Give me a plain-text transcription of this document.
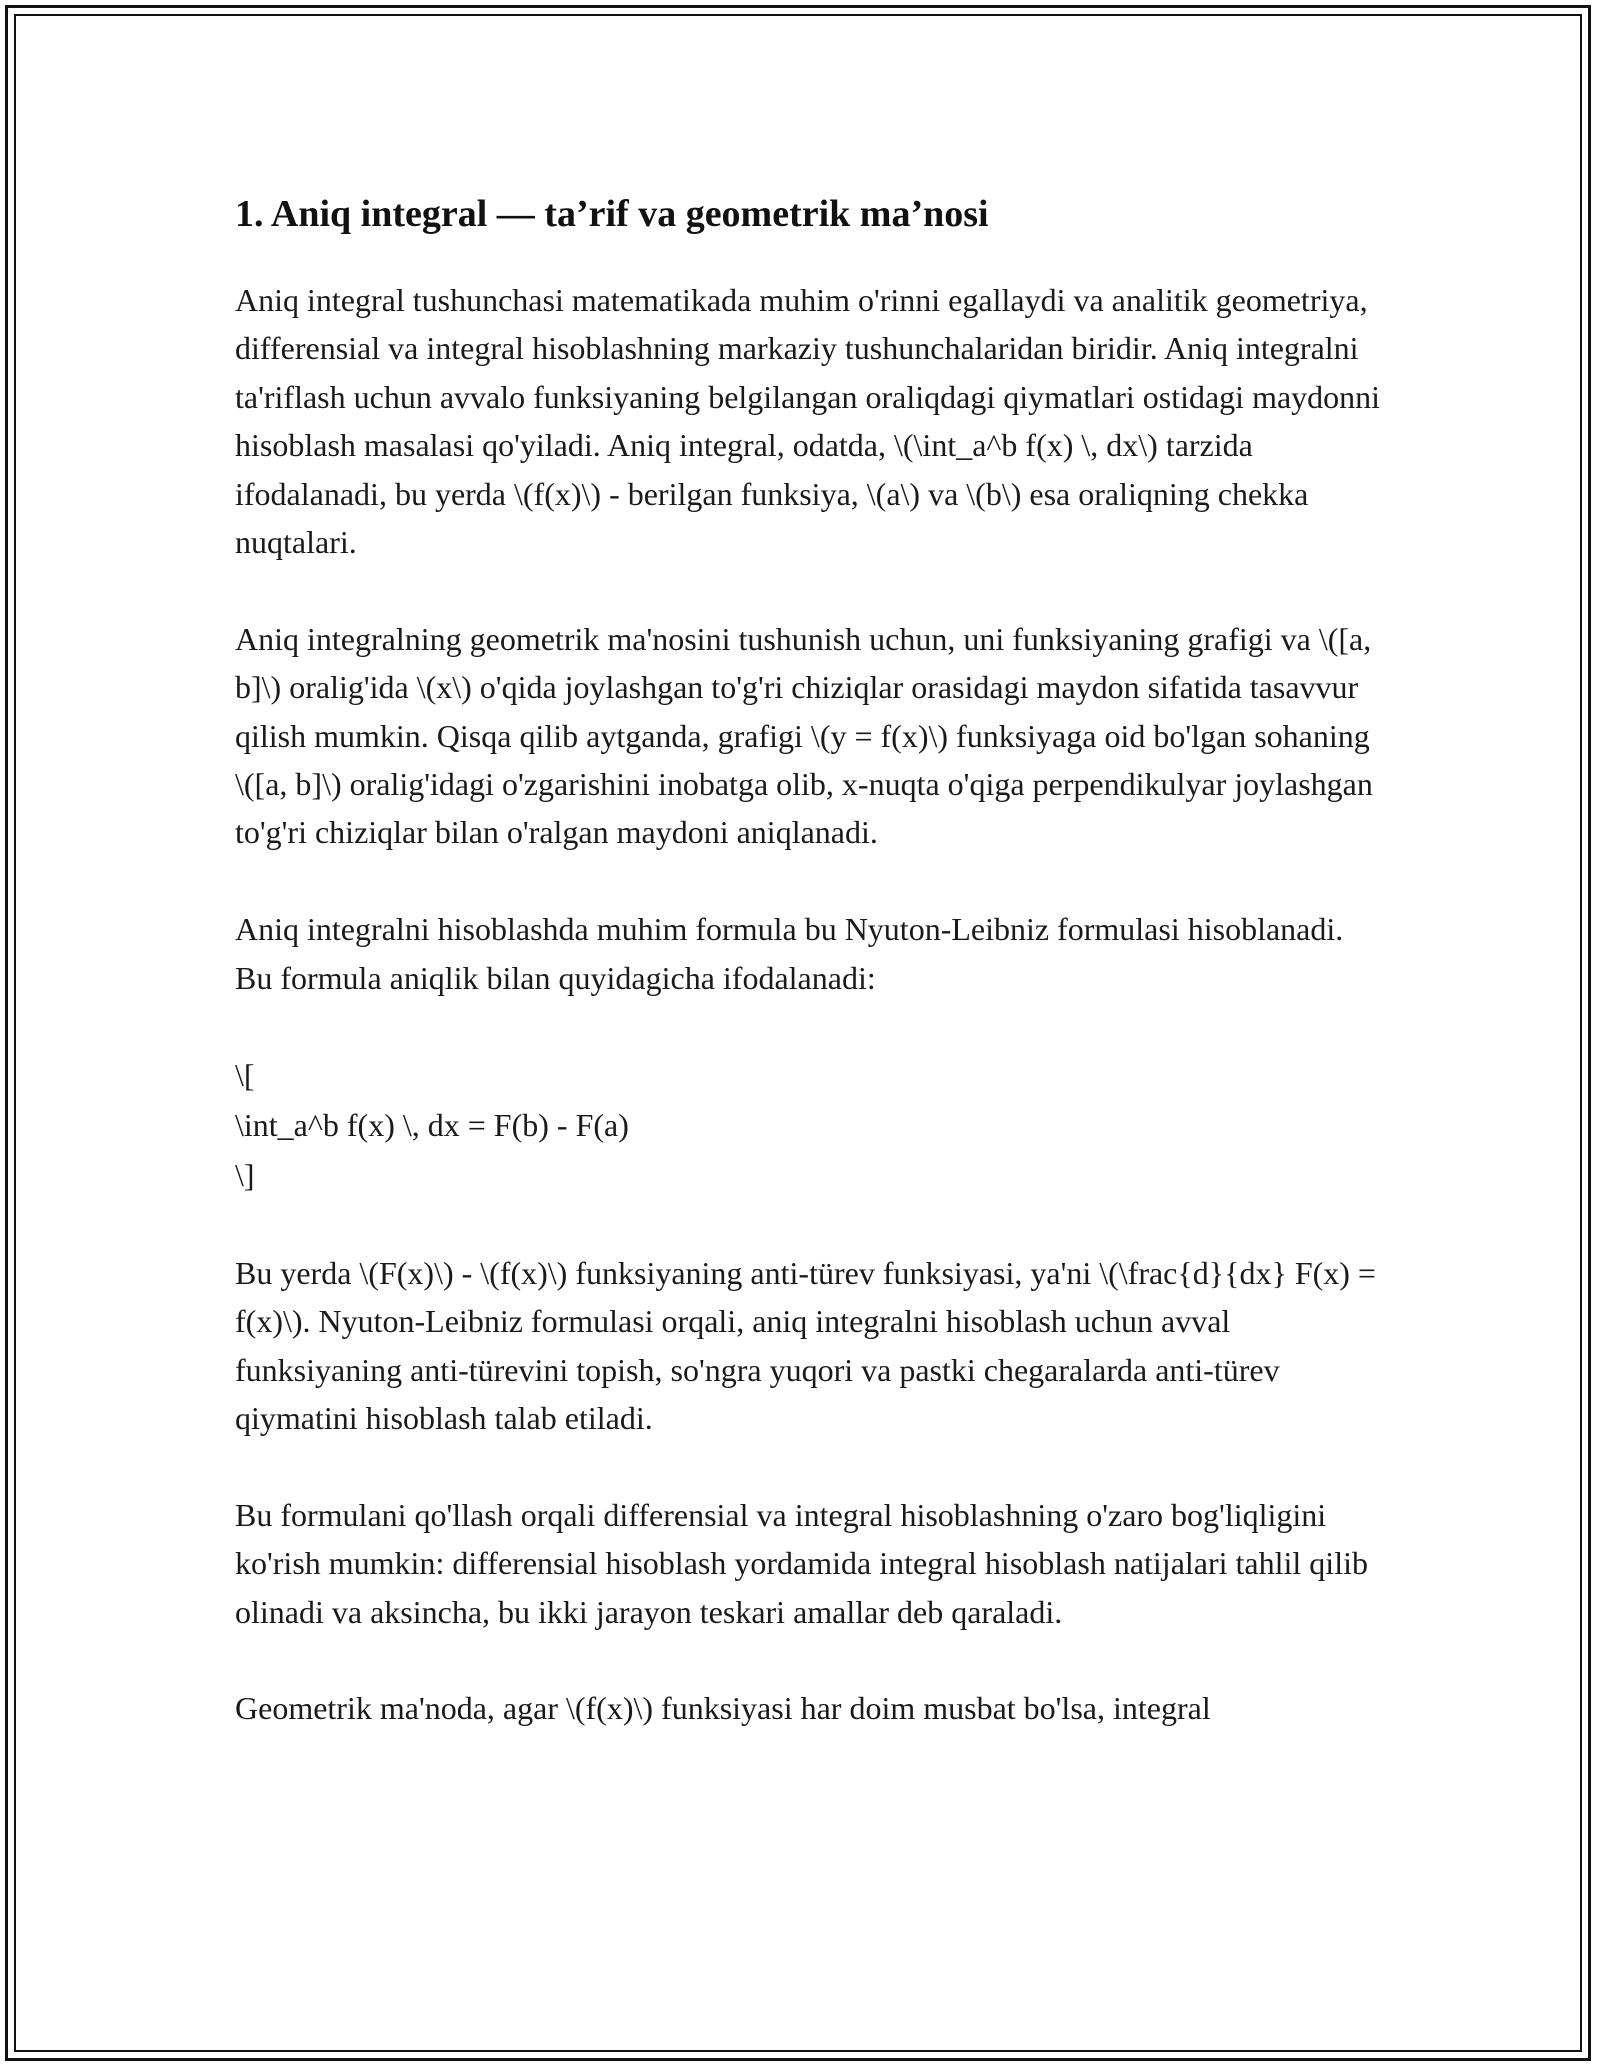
1. Aniq integral — ta’rif va geometrik ma’nosi

Aniq integral tushunchasi matematikada muhim o'rinni egallaydi va analitik geometriya, differensial va integral hisoblashning markaziy tushunchalaridan biridir. Aniq integralni ta'riflash uchun avvalo funksiyaning belgilangan oraliqdagi qiymatlari ostidagi maydonni hisoblash masalasi qo'yiladi. Aniq integral, odatda, \(\int_a^b f(x) \, dx\) tarzida ifodalanadi, bu yerda \(f(x)\) - berilgan funksiya, \(a\) va \(b\) esa oraliqning chekka nuqtalari.

Aniq integralning geometrik ma'nosini tushunish uchun, uni funksiyaning grafigi va \([a, b]\) oralig'ida \(x\) o'qida joylashgan to'g'ri chiziqlar orasidagi maydon sifatida tasavvur qilish mumkin. Qisqa qilib aytganda, grafigi \(y = f(x)\) funksiyaga oid bo'lgan sohaning \([a, b]\) oralig'idagi o'zgarishini inobatga olib, x-nuqta o'qiga perpendikulyar joylashgan to'g'ri chiziqlar bilan o'ralgan maydoni aniqlanadi.

Aniq integralni hisoblashda muhim formula bu Nyuton-Leibniz formulasi hisoblanadi. Bu formula aniqlik bilan quyidagicha ifodalanadi:

\[
\int_a^b f(x) \, dx = F(b) - F(a)
\]

Bu yerda \(F(x)\) - \(f(x)\) funksiyaning anti-türev funksiyasi, ya'ni \(\frac{d}{dx} F(x) = f(x)\). Nyuton-Leibniz formulasi orqali, aniq integralni hisoblash uchun avval funksiyaning anti-türevini topish, so'ngra yuqori va pastki chegaralarda anti-türev qiymatini hisoblash talab etiladi.

Bu formulani qo'llash orqali differensial va integral hisoblashning o'zaro bog'liqligini ko'rish mumkin: differensial hisoblash yordamida integral hisoblash natijalari tahlil qilib olinadi va aksincha, bu ikki jarayon teskari amallar deb qaraladi.

Geometrik ma'noda, agar \(f(x)\) funksiyasi har doim musbat bo'lsa, integral
